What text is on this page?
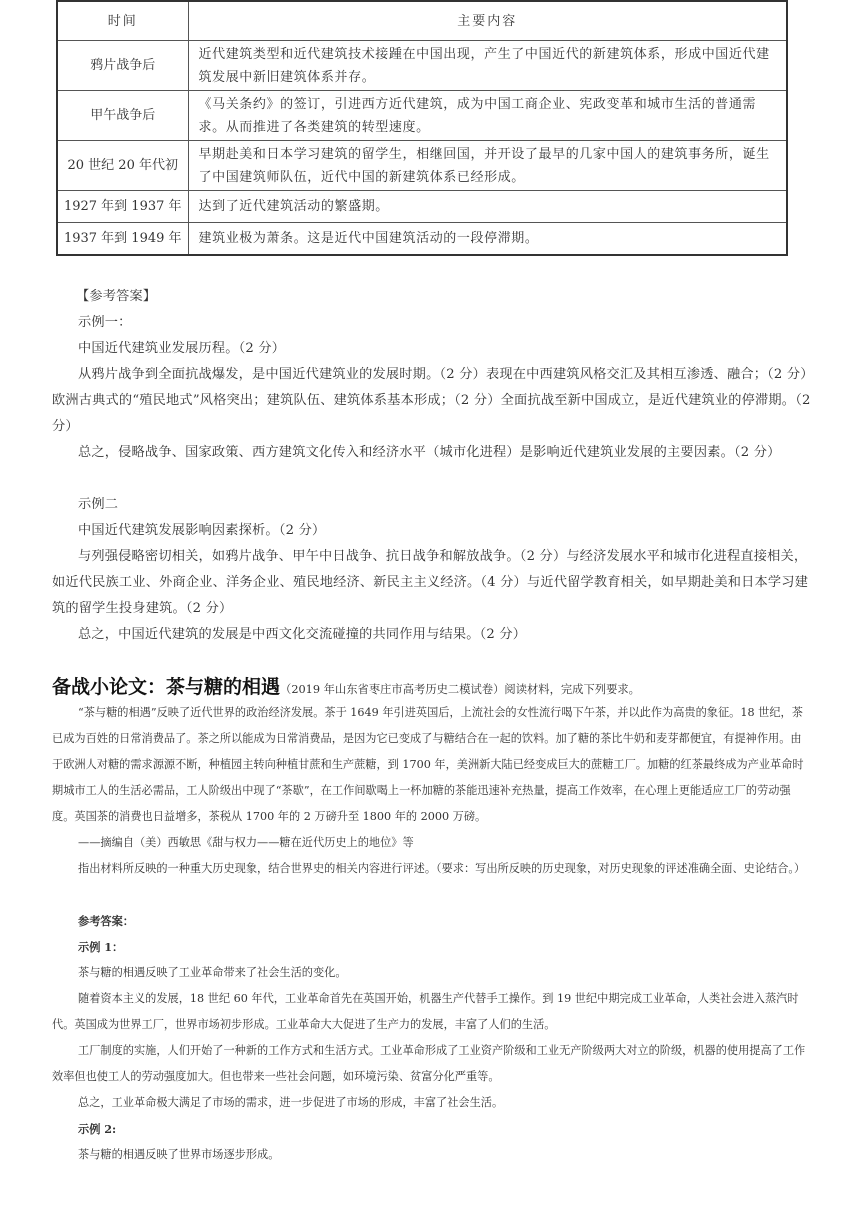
时间	主要内容
鸦片战争后	近代建筑类型和近代建筑技术接踵在中国出现，产生了中国近代的新建筑体系，形成中国近代建筑发展中新旧建筑体系并存。
甲午战争后	《马关条约》的签订，引进西方近代建筑，成为中国工商企业、宪政变革和城市生活的普通需求。从而推进了各类建筑的转型速度。
20 世纪 20 年代初	早期赴美和日本学习建筑的留学生，相继回国，并开设了最早的几家中国人的建筑事务所，诞生了中国建筑师队伍，近代中国的新建筑体系已经形成。
1927 年到 1937 年	达到了近代建筑活动的繁盛期。
1937 年到 1949 年	建筑业极为萧条。这是近代中国建筑活动的一段停滞期。
【参考答案】
示例一：
中国近代建筑业发展历程。（2 分）
从鸦片战争到全面抗战爆发，是中国近代建筑业的发展时期。（2 分）表现在中西建筑风格交汇及其相互渗透、融合；（2 分）欧洲古典式的“殖民地式”风格突出；建筑队伍、建筑体系基本形成；（2 分）全面抗战至新中国成立，是近代建筑业的停滞期。（2 分）
总之，侵略战争、国家政策、西方建筑文化传入和经济水平（城市化进程）是影响近代建筑业发展的主要因素。（2 分）
示例二
中国近代建筑发展影响因素探析。（2 分）
与列强侵略密切相关，如鸦片战争、甲午中日战争、抗日战争和解放战争。（2 分）与经济发展水平和城市化进程直接相关，如近代民族工业、外商企业、洋务企业、殖民地经济、新民主主义经济。（4 分）与近代留学教育相关，如早期赴美和日本学习建筑的留学生投身建筑。（2 分）
总之，中国近代建筑的发展是中西文化交流碰撞的共同作用与结果。（2 分）
备战小论文：茶与糖的相遇（2019 年山东省枣庄市高考历史二模试卷）阅读材料，完成下列要求。
“茶与糖的相遇”反映了近代世界的政治经济发展。茶于 1649 年引进英国后，上流社会的女性流行喝下午茶，并以此作为高贵的象征。18 世纪，茶已成为百姓的日常消费品了。茶之所以能成为日常消费品，是因为它已变成了与糖结合在一起的饮料。加了糖的茶比牛奶和麦芽都便宜，有提神作用。由于欧洲人对糖的需求源源不断，种植园主转向种植甘蔗和生产蔗糖，到 1700 年，美洲新大陆已经变成巨大的蔗糖工厂。加糖的红茶最终成为产业革命时期城市工人的生活必需品，工人阶级出中现了“茶歇”，在工作间歇喝上一杯加糖的茶能迅速补充热量，提高工作效率，在心理上更能适应工厂的劳动强度。英国茶的消费也日益增多，茶税从 1700 年的 2 万磅升至 1800 年的 2000 万磅。
——摘编自（美）西敏思《甜与权力——糖在近代历史上的地位》等
指出材料所反映的一种重大历史现象，结合世界史的相关内容进行评述。（要求：写出所反映的历史现象，对历史现象的评述准确全面、史论结合。）
参考答案：
示例 1：
茶与糖的相遇反映了工业革命带来了社会生活的变化。
随着资本主义的发展，18 世纪 60 年代，工业革命首先在英国开始，机器生产代替手工操作。到 19 世纪中期完成工业革命，人类社会进入蒸汽时代。英国成为世界工厂，世界市场初步形成。工业革命大大促进了生产力的发展，丰富了人们的生活。
工厂制度的实施，人们开始了一种新的工作方式和生活方式。工业革命形成了工业资产阶级和工业无产阶级两大对立的阶级，机器的使用提高了工作效率但也使工人的劳动强度加大。但也带来一些社会问题，如环境污染、贫富分化严重等。
总之，工业革命极大满足了市场的需求，进一步促进了市场的形成，丰富了社会生活。
示例 2:
茶与糖的相遇反映了世界市场逐步形成。
